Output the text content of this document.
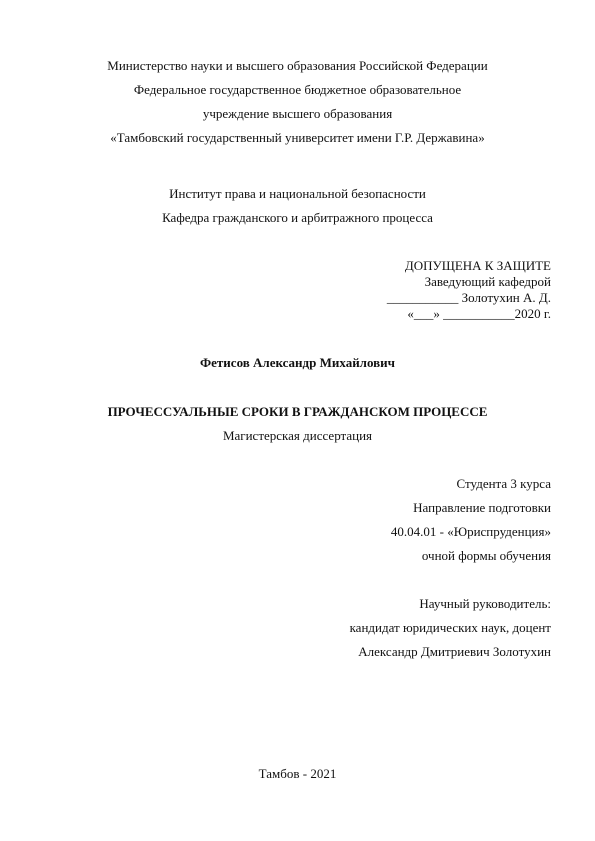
Министерство науки и высшего образования Российской Федерации
Федеральное государственное бюджетное образовательное
учреждение высшего образования
«Тамбовский государственный университет имени Г.Р. Державина»
Институт права и национальной безопасности
Кафедра гражданского и арбитражного процесса
ДОПУЩЕНА К ЗАЩИТЕ
Заведующий кафедрой
___________ Золотухин А. Д.
«___» ___________2020 г.
Фетисов Александр Михайлович
ПРОЧЕССУАЛЬНЫЕ СРОКИ В ГРАЖДАНСКОМ ПРОЦЕССЕ
Магистерская диссертация
Студента 3 курса
Направление подготовки
40.04.01 - «Юриспруденция»
очной формы обучения
Научный руководитель:
кандидат юридических наук, доцент
Александр Дмитриевич Золотухин
Тамбов - 2021
